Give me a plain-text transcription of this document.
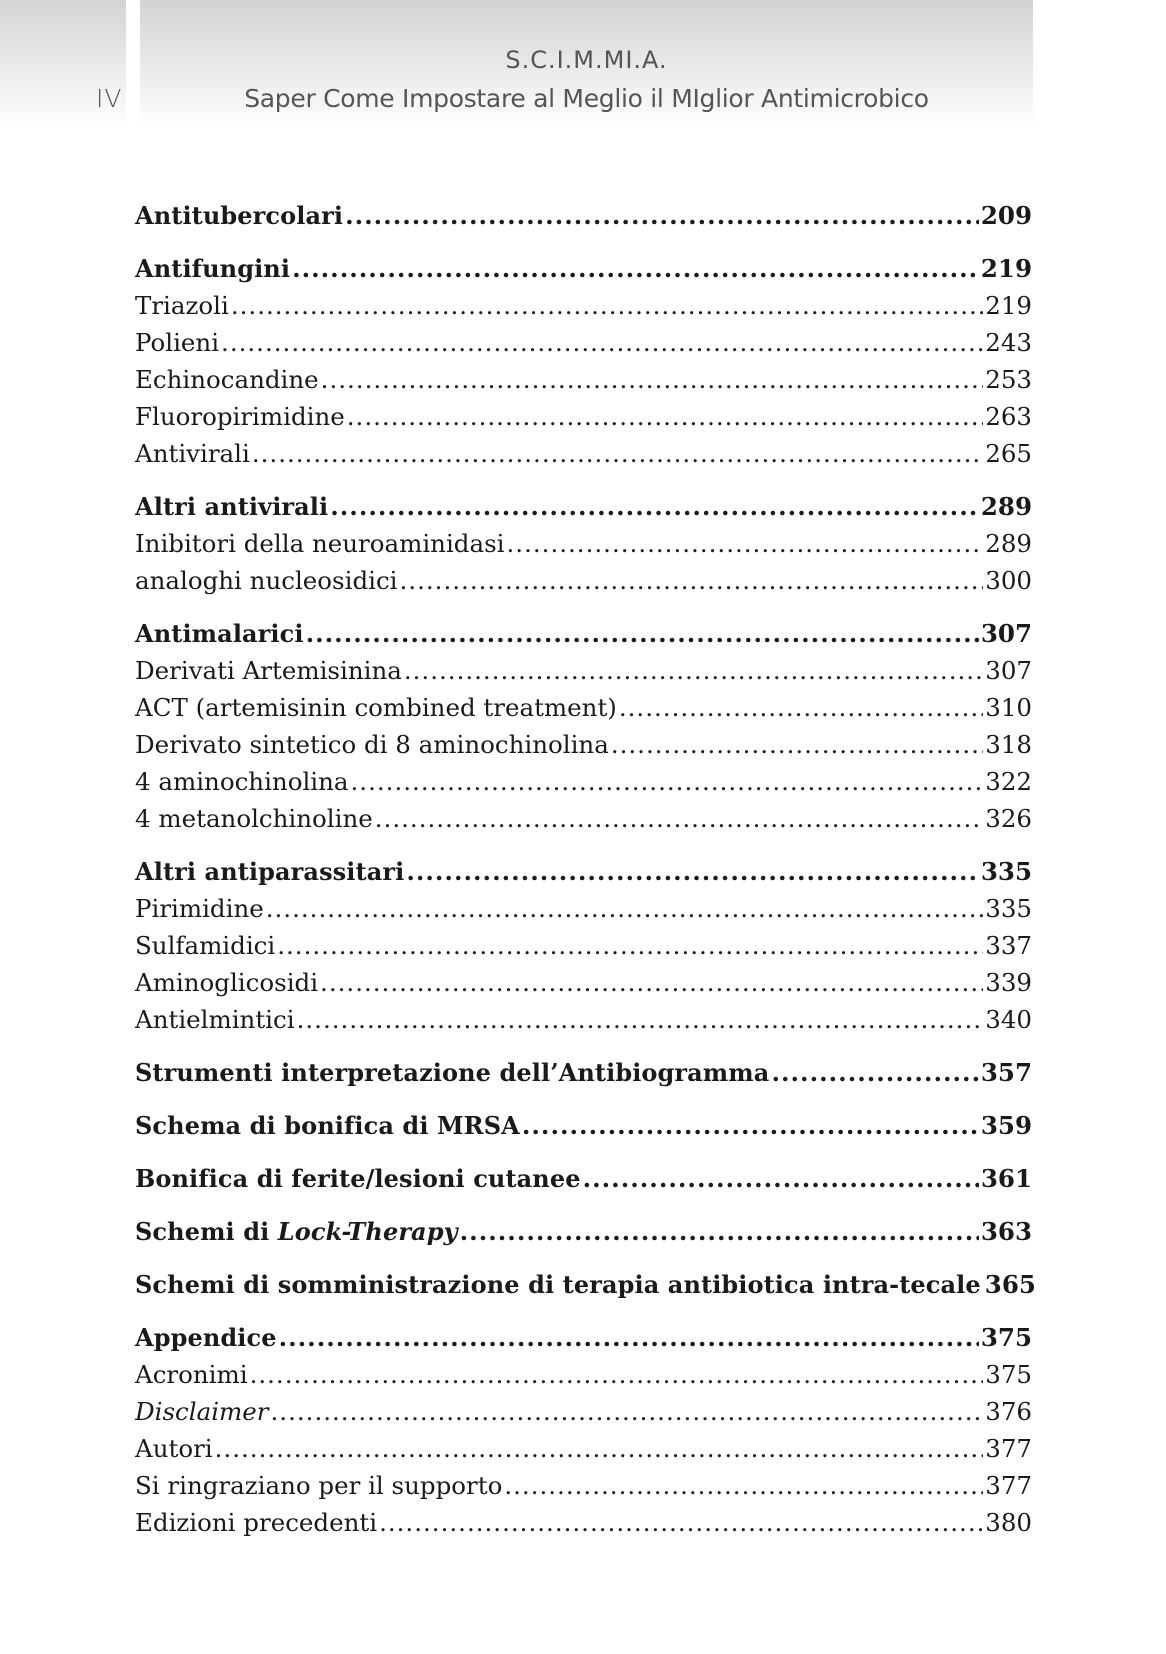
IV
S.C.I.M.MI.A.
Saper Come Impostare al Meglio il MIglior Antimicrobico
Antitubercolari .....	209
Antifungini .....	219
Triazoli .....	219
Polieni .....	243
Echinocandine .....	253
Fluoropirimidine .....	263
Antivirali .....	265
Altri antivirali .....	289
Inibitori della neuroaminidasi .....	289
analoghi nucleosidici .....	300
Antimalarici .....	307
Derivati Artemisinina .....	307
ACT (artemisinin combined treatment) .....	310
Derivato sintetico di 8 aminochinolina .....	318
4 aminochinolina .....	322
4 metanolchinoline .....	326
Altri antiparassitari .....	335
Pirimidine .....	335
Sulfamidici .....	337
Aminoglicosidi .....	339
Antielmintici .....	340
Strumenti interpretazione dell’Antibiogramma .....	357
Schema di bonifica di MRSA .....	359
Bonifica di ferite/lesioni cutanee .....	361
Schemi di Lock-Therapy .....	363
Schemi di somministrazione di terapia antibiotica intra-tecale 365
Appendice .....	375
Acronimi .....	375
Disclaimer .....	376
Autori .....	377
Si ringraziano per il supporto .....	377
Edizioni precedenti .....	380
